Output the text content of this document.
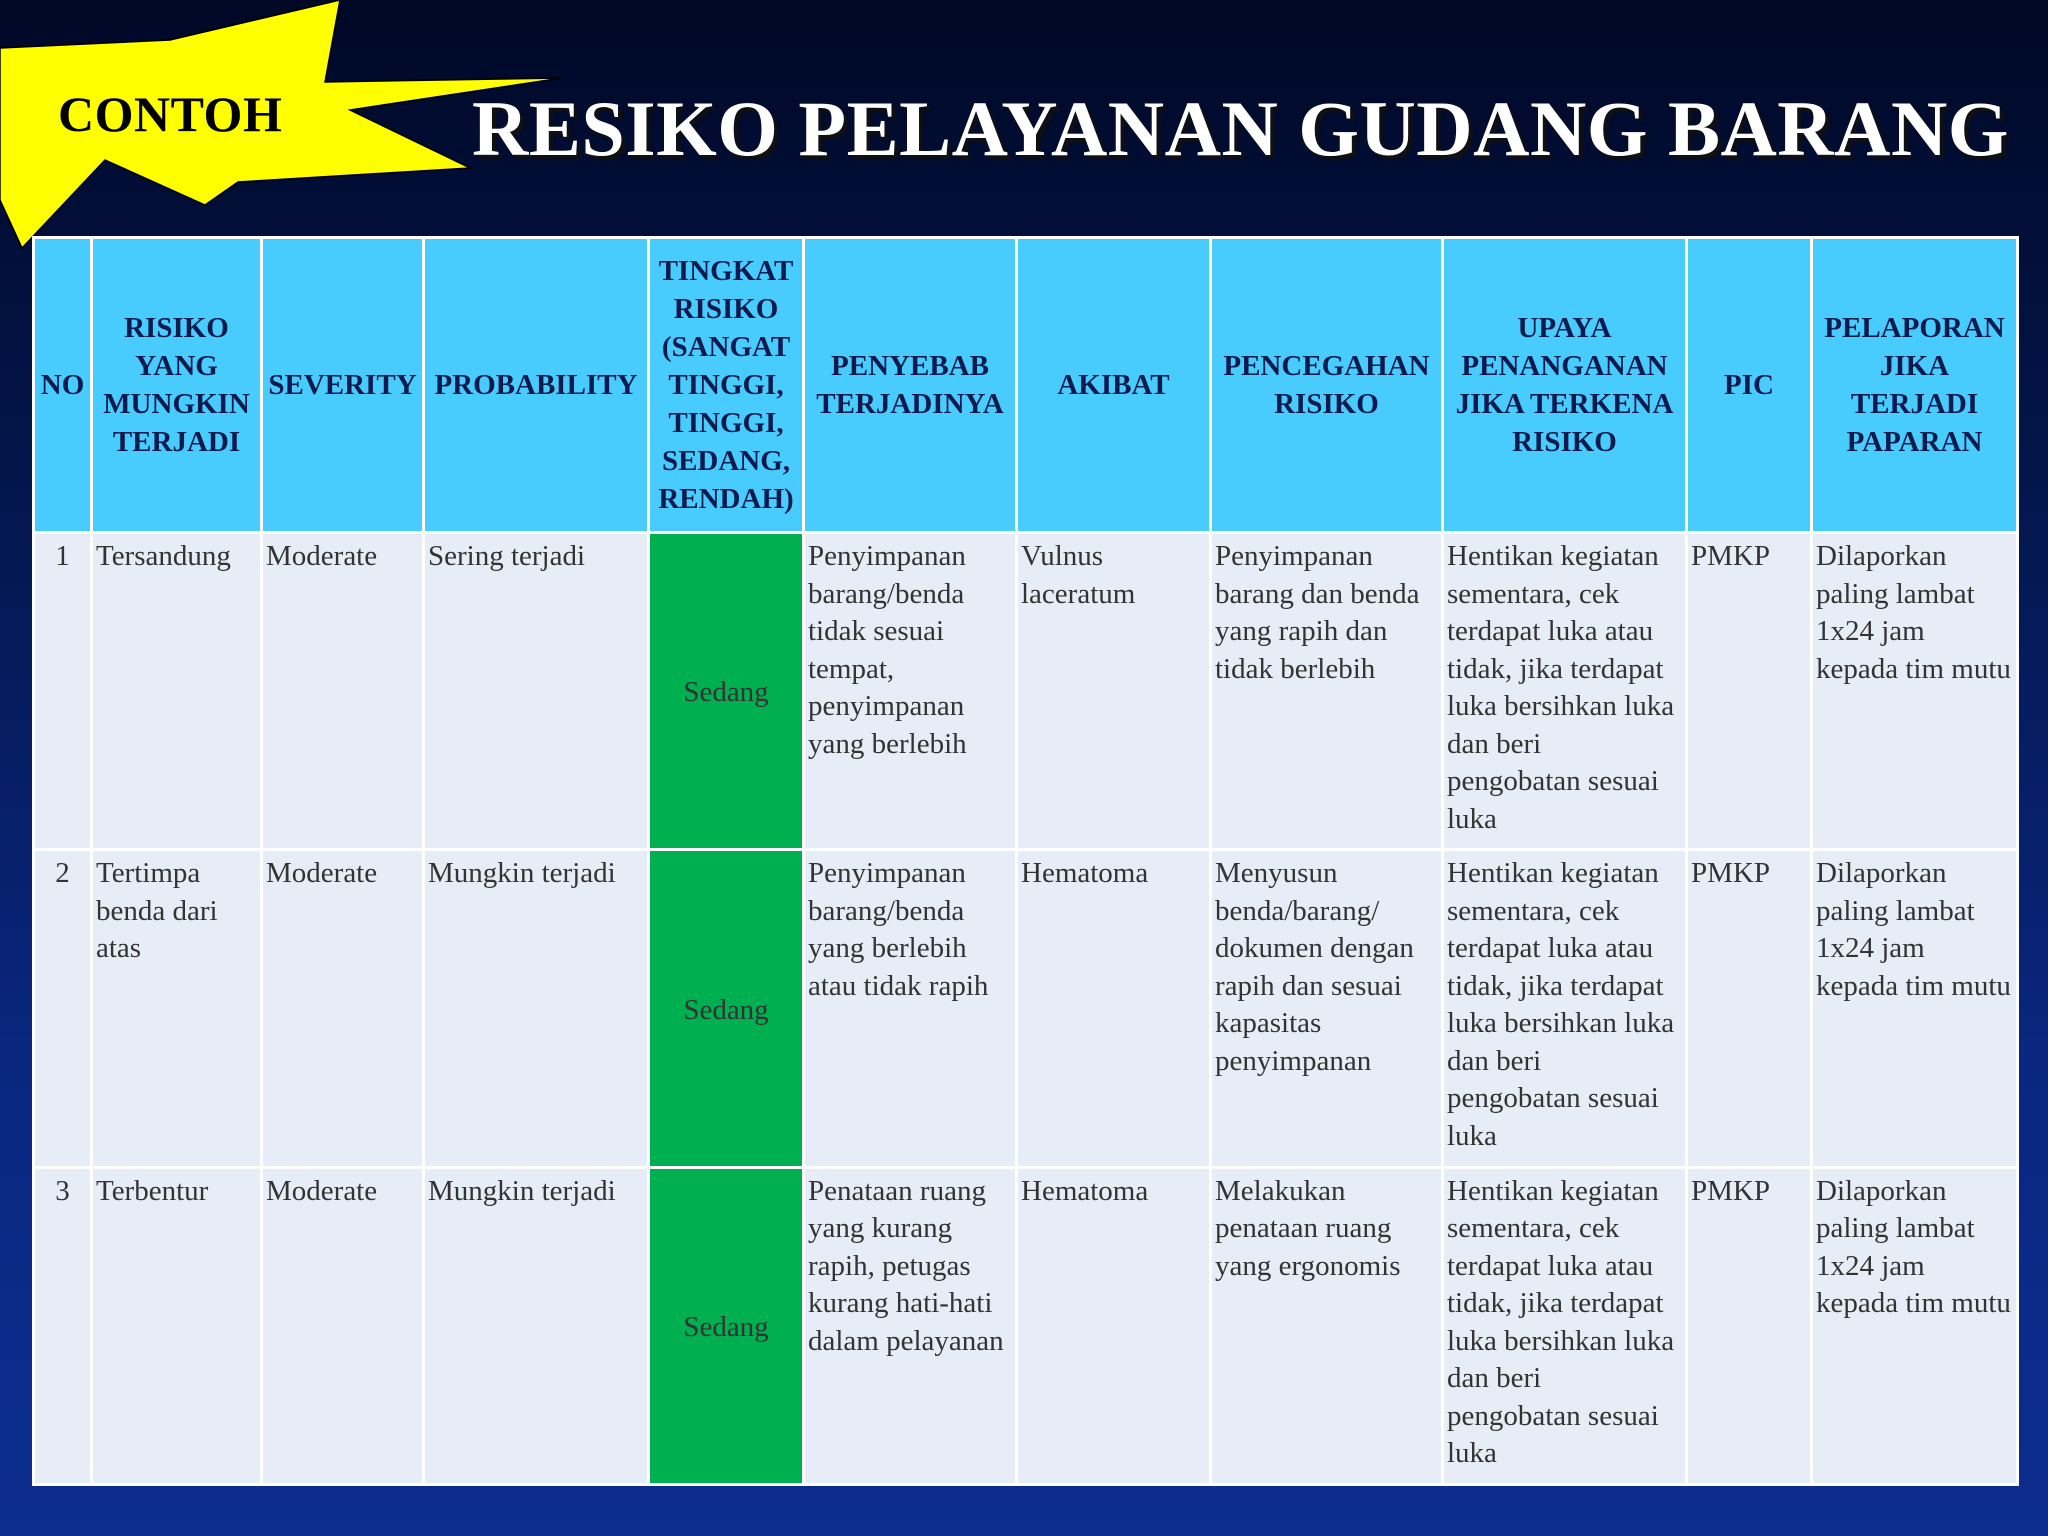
CONTOH RESIKO PELAYANAN GUDANG BARANG
NO	RISIKO YANG MUNGKIN TERJADI	SEVERITY	PROBABILITY	TINGKAT RISIKO (SANGAT TINGGI, TINGGI, SEDANG, RENDAH)	PENYEBAB TERJADINYA	AKIBAT	PENCEGAHAN RISIKO	UPAYA PENANGANAN JIKA TERKENA RISIKO	PIC	PELAPORAN JIKA TERJADI PAPARAN
1	Tersandung	Moderate	Sering terjadi	Sedang	Penyimpanan barang/benda tidak sesuai tempat, penyimpanan yang berlebih	Vulnus laceratum	Penyimpanan barang dan benda yang rapih dan tidak berlebih	Hentikan kegiatan sementara, cek terdapat luka atau tidak, jika terdapat luka bersihkan luka dan beri pengobatan sesuai luka	PMKP	Dilaporkan paling lambat 1x24 jam kepada tim mutu
2	Tertimpa benda dari atas	Moderate	Mungkin terjadi	Sedang	Penyimpanan barang/benda yang berlebih atau tidak rapih	Hematoma	Menyusun benda/barang/ dokumen dengan rapih dan sesuai kapasitas penyimpanan	Hentikan kegiatan sementara, cek terdapat luka atau tidak, jika terdapat luka bersihkan luka dan beri pengobatan sesuai luka	PMKP	Dilaporkan paling lambat 1x24 jam kepada tim mutu
3	Terbentur	Moderate	Mungkin terjadi	Sedang	Penataan ruang yang kurang rapih, petugas kurang hati-hati dalam pelayanan	Hematoma	Melakukan penataan ruang yang ergonomis	Hentikan kegiatan sementara, cek terdapat luka atau tidak, jika terdapat luka bersihkan luka dan beri pengobatan sesuai luka	PMKP	Dilaporkan paling lambat 1x24 jam kepada tim mutu
